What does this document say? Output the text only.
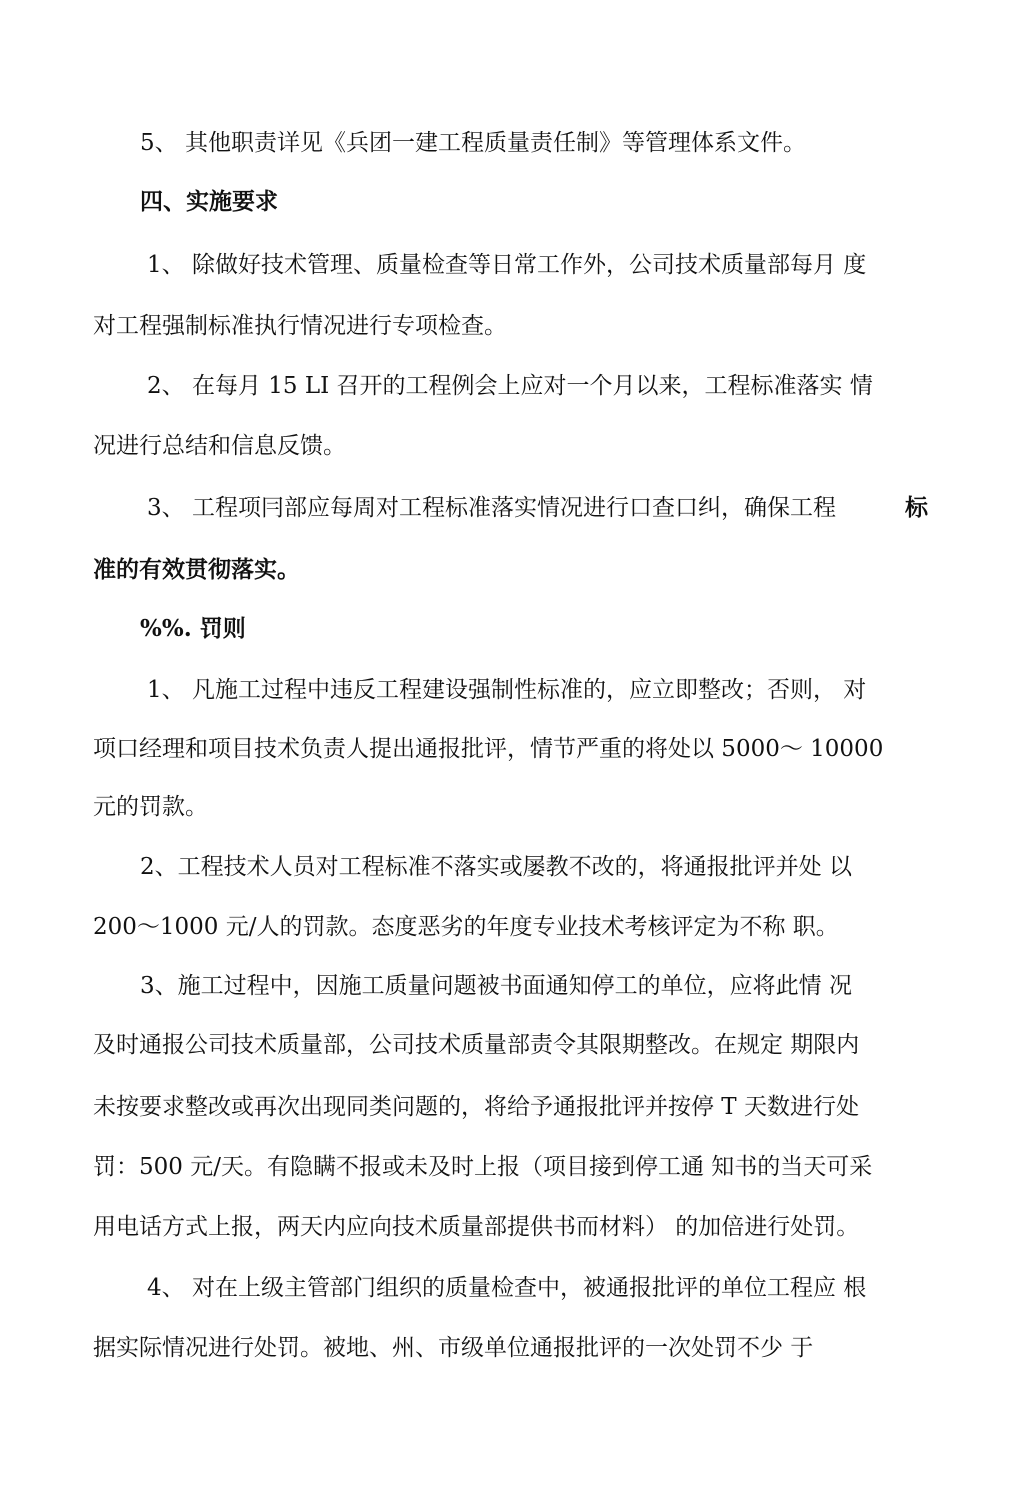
5、 其他职责详见《兵团一建工程质量责任制》等管理体系文件。
四、实施要求
1、 除做好技术管理、质量检查等日常工作外，公司技术质量部每月 度
对工程强制标准执行情况进行专项检查。
2、 在每月 15 LI 召开的工程例会上应对一个月以来，工程标准落实 情
况进行总结和信息反馈。
3、 工程项冃部应每周对工程标准落实情况进行口查口纠，确保工程	标
准的有效贯彻落实。
%%. 罚则
1、 凡施工过程中违反工程建设强制性标准的，应立即整改；否则， 对
项口经理和项目技术负责人提出通报批评，情节严重的将处以 5000～ 10000
元的罚款。
2、工程技术人员对工程标准不落实或屡教不改的，将通报批评并处 以
200～1000 元/人的罚款。态度恶劣的年度专业技术考核评定为不称 职。
3、施工过程中，因施工质量问题被书面通知停工的单位，应将此情 况
及时通报公司技术质量部，公司技术质量部责令其限期整改。在规定 期限内
未按要求整改或再次出现同类问题的，将给予通报批评并按停 T 天数进行处
罚：500 元/天。有隐瞒不报或未及时上报（项目接到停工通 知书的当天可采
用电话方式上报，两天内应向技术质量部提供书而材料） 的加倍进行处罚。
4、 对在上级主管部门组织的质量检查中，被通报批评的单位工程应 根
据实际情况进行处罚。被地、州、市级单位通报批评的一次处罚不少 于
